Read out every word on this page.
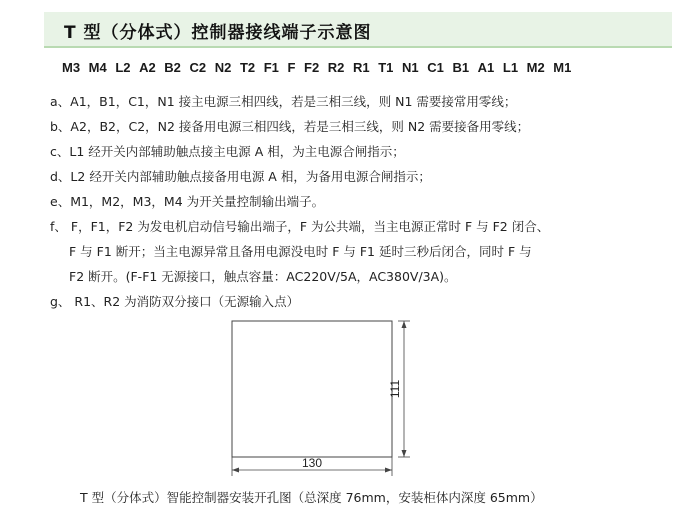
T 型（分体式）控制器接线端子示意图
M3 M4 L2 A2 B2 C2 N2 T2 F1 F F2 R2 R1 T1 N1 C1 B1 A1 L1 M2 M1
a、A1，B1，C1，N1 接主电源三相四线，若是三相三线，则 N1 需要接常用零线；
b、A2，B2，C2，N2 接备用电源三相四线，若是三相三线，则 N2 需要接备用零线；
c、L1 经开关内部辅助触点接主电源 A 相，为主电源合闸指示；
d、L2 经开关内部辅助触点接备用电源 A 相，为备用电源合闸指示；
e、M1，M2，M3，M4 为开关量控制输出端子。
f、 F，F1，F2 为发电机启动信号输出端子，F 为公共端，当主电源正常时 F 与 F2 闭合、
F 与 F1 断开；当主电源异常且备用电源没电时 F 与 F1 延时三秒后闭合，同时 F 与
F2 断开。(F-F1 无源接口，触点容量：AC220V/5A，AC380V/3A)。
g、 R1、R2 为消防双分接口（无源输入点）
111
130
T 型（分体式）智能控制器安装开孔图（总深度 76mm，安装柜体内深度 65mm）
